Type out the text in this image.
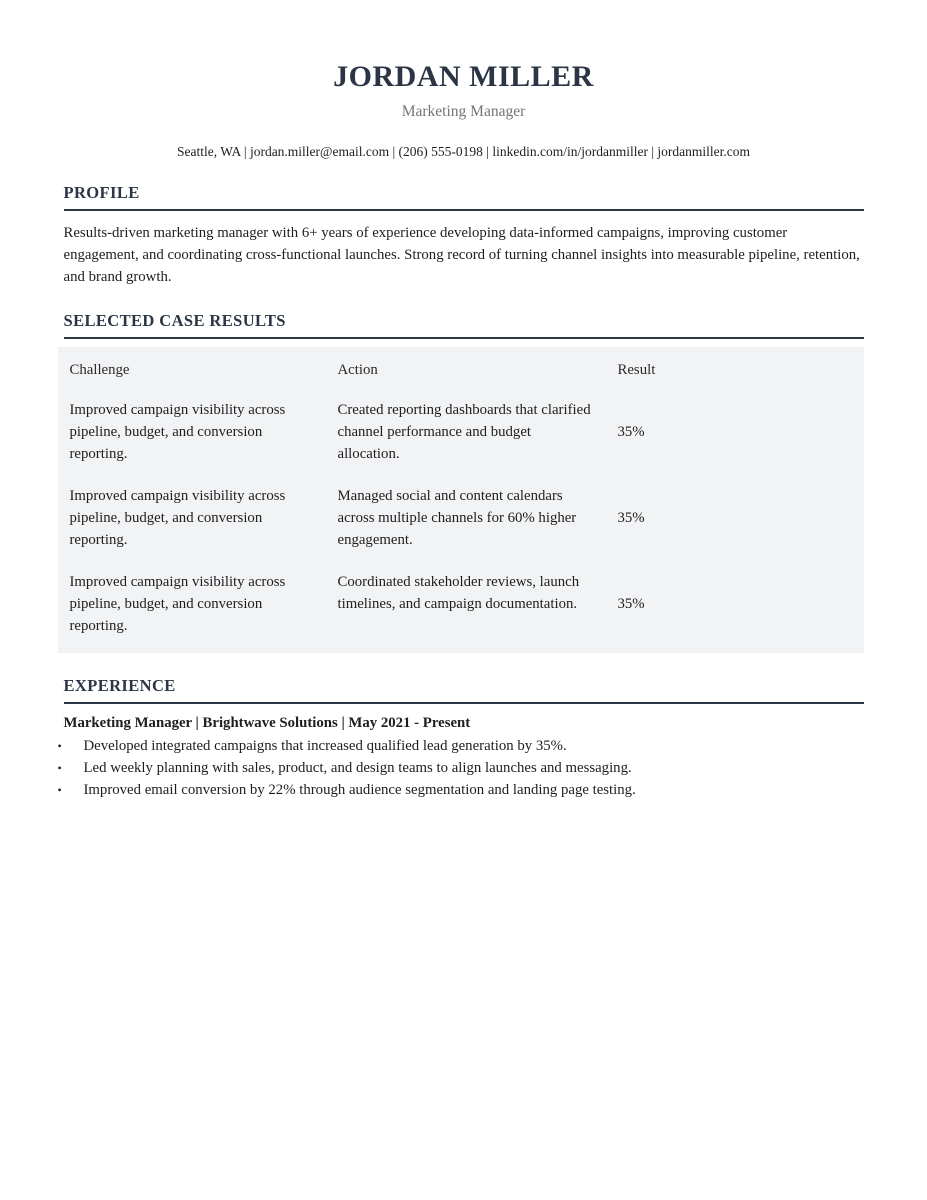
JORDAN MILLER
Marketing Manager
Seattle, WA | jordan.miller@email.com | (206) 555-0198 | linkedin.com/in/jordanmiller | jordanmiller.com
PROFILE
Results-driven marketing manager with 6+ years of experience developing data-informed campaigns, improving customer engagement, and coordinating cross-functional launches. Strong record of turning channel insights into measurable pipeline, retention, and brand growth.
SELECTED CASE RESULTS
Challenge	Action	Result
Improved campaign visibility across pipeline, budget, and conversion reporting.	Created reporting dashboards that clarified channel performance and budget allocation.	35%
Improved campaign visibility across pipeline, budget, and conversion reporting.	Managed social and content calendars across multiple channels for 60% higher engagement.	35%
Improved campaign visibility across pipeline, budget, and conversion reporting.	Coordinated stakeholder reviews, launch timelines, and campaign documentation.	35%
EXPERIENCE
Marketing Manager | Brightwave Solutions | May 2021 - Present
•	Developed integrated campaigns that increased qualified lead generation by 35%.
•	Led weekly planning with sales, product, and design teams to align launches and messaging.
•	Improved email conversion by 22% through audience segmentation and landing page testing.
